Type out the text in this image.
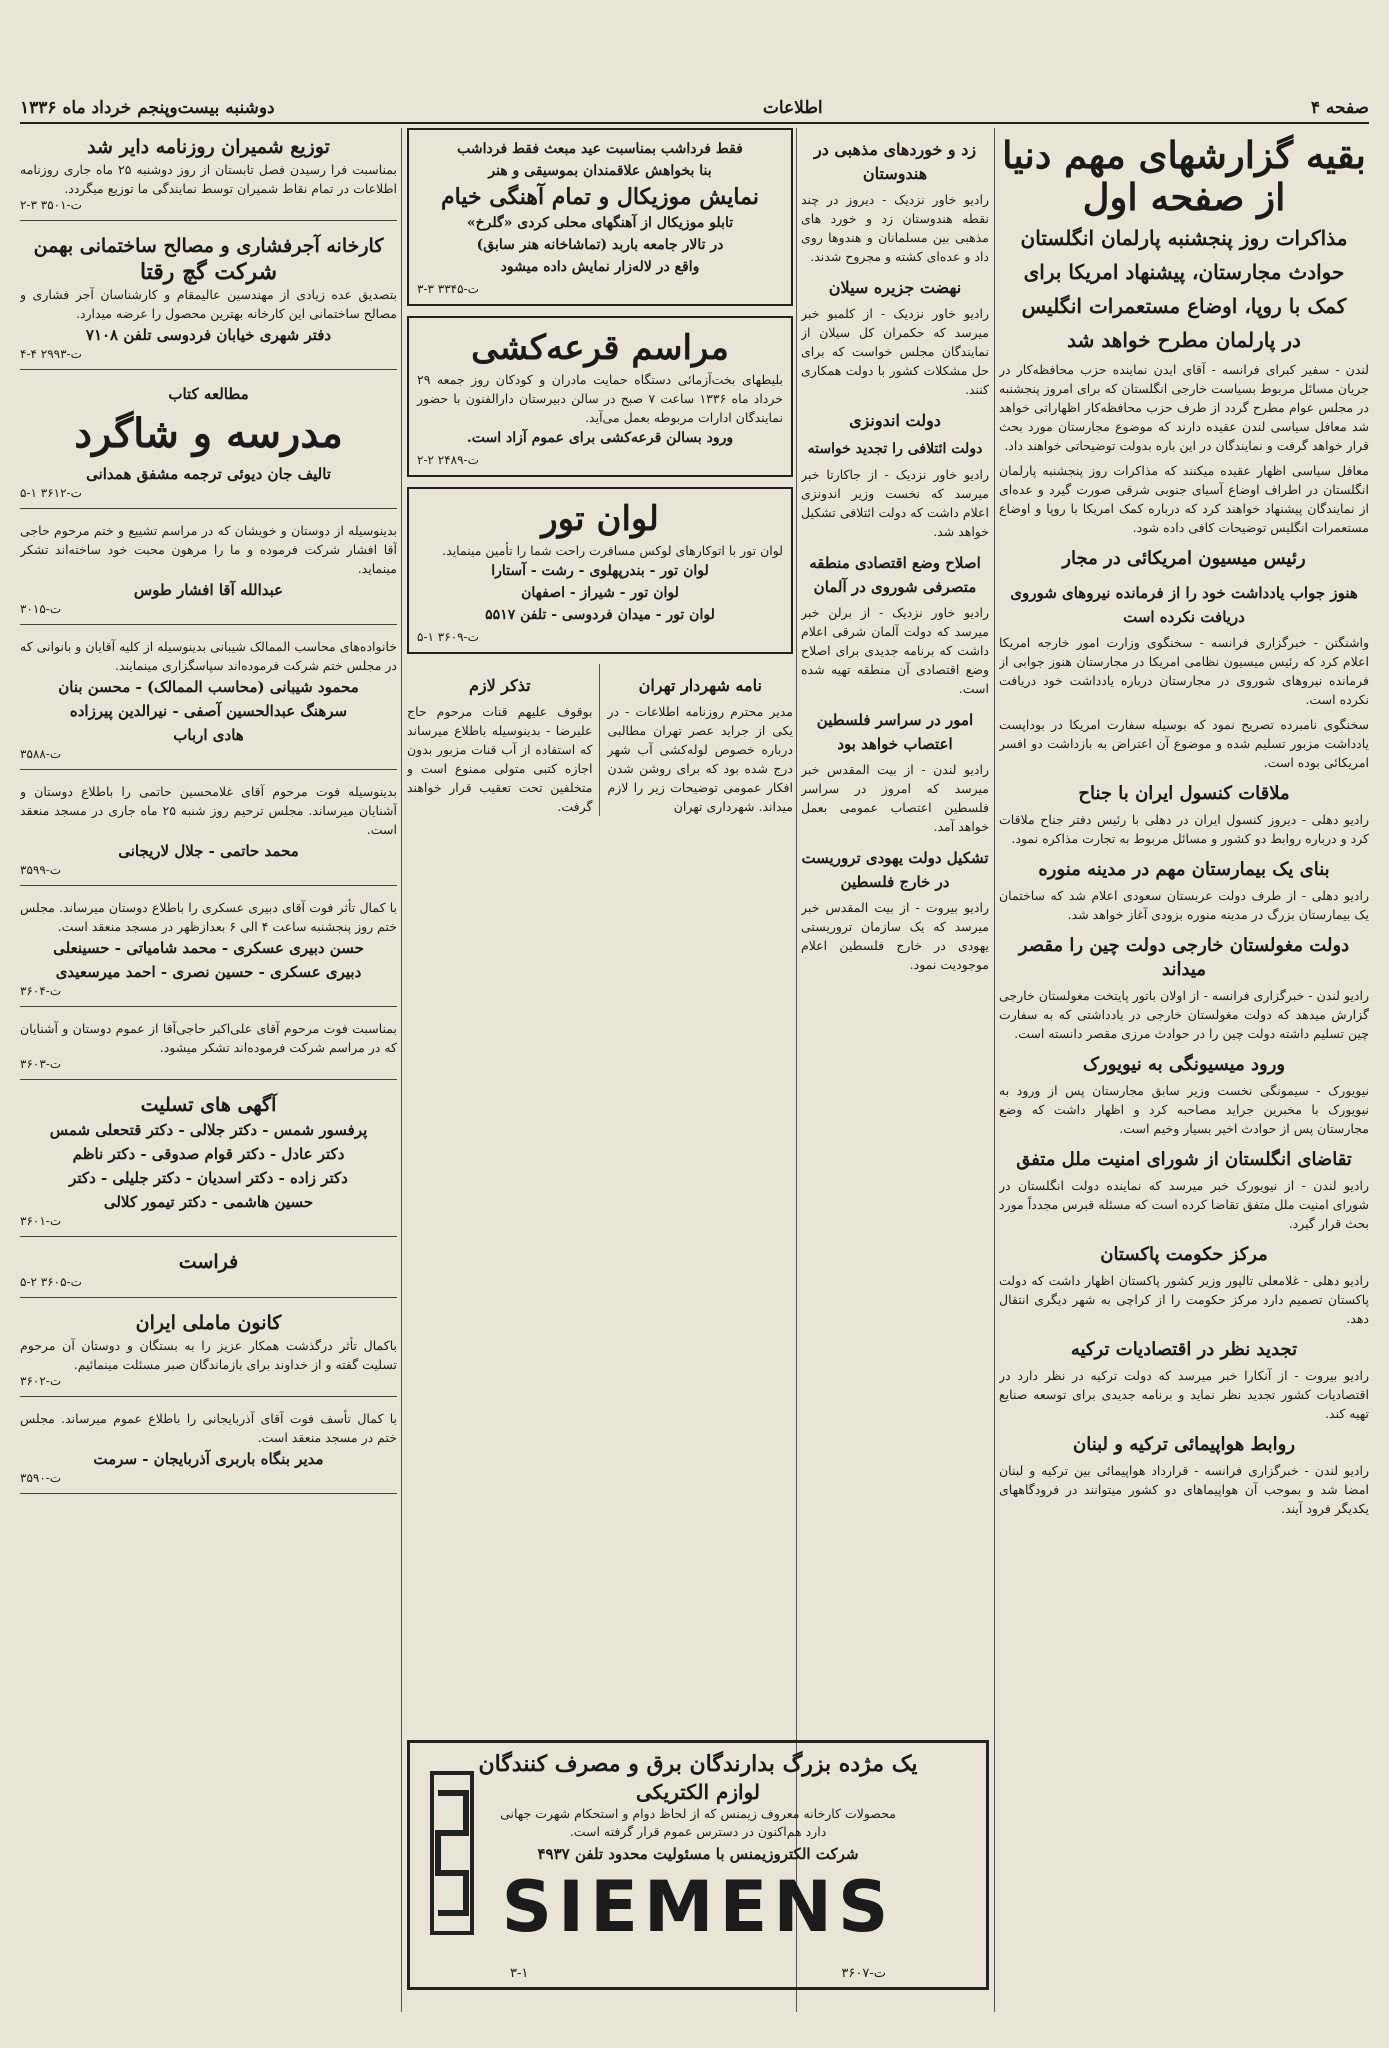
صفحه ۴
اطلاعات
دوشنبه بیست‌وپنجم خرداد ماه ۱۳۳۶
بقیه گزارشهای مهم دنیا از صفحه اول
مذاکرات روز پنجشنبه پارلمان انگلستان
حوادث مجارستان، پیشنهاد امریکا برای
کمک با روپا، اوضاع مستعمرات انگلیس
در پارلمان مطرح خواهد شد

لندن - سفیر کبرای فرانسه - آقای ایدن نماینده حزب محافظه‌کار در جریان مسائل مربوط بسیاست خارجی انگلستان که برای امروز پنجشنبه در مجلس عوام مطرح گردد از طرف حزب محافظه‌کار اظهاراتی خواهد شد معافل سیاسی لندن عقیده دارند که موضوع مجارستان مورد بحث قرار خواهد گرفت و نمایندگان در این باره بدولت توضیحاتی خواهند داد.

معافل سیاسی اظهار عقیده میکنند که مذاکرات روز پنجشنبه پارلمان انگلستان در اطراف اوضاع آسیای جنوبی شرقی صورت گیرد و عده‌ای از نمایندگان پیشنهاد خواهند کرد که درباره کمک امریکا با روپا و اوضاع مستعمرات انگلیس توضیحات کافی داده شود.

رئیس میسیون امریکائی در مجار
هنوز جواب یادداشت خود را از فرمانده نیروهای شوروی دریافت نکرده است

واشنگتن - خبرگزاری فرانسه - سخنگوی وزارت امور خارجه امریکا اعلام کرد که رئیس میسیون نظامی امریکا در مجارستان هنوز جوابی از فرمانده نیروهای شوروی در مجارستان درباره یادداشت خود دریافت نکرده است.

سخنگوی نامبرده تصریح نمود که بوسیله سفارت امریکا در بوداپست یادداشت مزبور تسلیم شده و موضوع آن اعتراض به بازداشت دو افسر امریکائی بوده است.

ملاقات کنسول ایران با جناح

رادیو دهلی - دیروز کنسول ایران در دهلی با رئیس دفتر جناح ملاقات کرد و درباره روابط دو کشور و مسائل مربوط به تجارت مذاکره نمود.

بنای یک بیمارستان مهم در مدینه منوره

رادیو دهلی - از طرف دولت عربستان سعودی اعلام شد که ساختمان یک بیمارستان بزرگ در مدینه منوره بزودی آغاز خواهد شد.

دولت مغولستان خارجی دولت چین را مقصر میداند

رادیو لندن - خبرگزاری فرانسه - از اولان باتور پایتخت مغولستان خارجی گزارش میدهد که دولت مغولستان خارجی در یادداشتی که به سفارت چین تسلیم داشته دولت چین را در حوادث مرزی مقصر دانسته است.

ورود میسیونگی به نیویورک

نیویورک - سیمونگی نخست وزیر سابق مجارستان پس از ورود به نیویورک با مخبرین جراید مصاحبه کرد و اظهار داشت که وضع مجارستان پس از حوادث اخیر بسیار وخیم است.

تقاضای انگلستان از شورای امنیت ملل متفق

رادیو لندن - از نیویورک خبر میرسد که نماینده دولت انگلستان در شورای امنیت ملل متفق تقاضا کرده است که مسئله قبرس مجدداً مورد بحث قرار گیرد.

مرکز حکومت پاکستان

رادیو دهلی - غلامعلی تالپور وزیر کشور پاکستان اظهار داشت که دولت پاکستان تصمیم دارد مرکز حکومت را از کراچی به شهر دیگری انتقال دهد.

تجدید نظر در اقتصادیات ترکیه

رادیو بیروت - از آنکارا خبر میرسد که دولت ترکیه در نظر دارد در اقتصادیات کشور تجدید نظر نماید و برنامه جدیدی برای توسعه صنایع تهیه کند.

روابط هواپیمائی ترکیه و لبنان

رادیو لندن - خبرگزاری فرانسه - قرارداد هواپیمائی بین ترکیه و لبنان امضا شد و بموجب آن هواپیماهای دو کشور میتوانند در فرودگاههای یکدیگر فرود آیند.

زد و خوردهای مذهبی در هندوستان

رادیو خاور نزدیک - دیروز در چند نقطه هندوستان زد و خورد های مذهبی بین مسلمانان و هندوها روی داد و عده‌ای کشته و مجروح شدند.

نهضت جزیره سیلان

رادیو خاور نزدیک - از کلمبو خبر میرسد که حکمران کل سیلان از نمایندگان مجلس خواست که برای حل مشکلات کشور با دولت همکاری کنند.

دولت اندونزی
دولت ائتلافی را تجدید خواسته

رادیو خاور نزدیک - از جاکارتا خبر میرسد که نخست وزیر اندونزی اعلام داشت که دولت ائتلافی تشکیل خواهد شد.

اصلاح وضع اقتصادی منطقه متصرفی شوروی در آلمان

رادیو خاور نزدیک - از برلن خبر میرسد که دولت آلمان شرقی اعلام داشت که برنامه جدیدی برای اصلاح وضع اقتصادی آن منطقه تهیه شده است.

امور در سراسر فلسطین اعتصاب خواهد بود

رادیو لندن - از بیت المقدس خبر میرسد که امروز در سراسر فلسطین اعتصاب عمومی بعمل خواهد آمد.

تشکیل دولت یهودی تروریست در خارج فلسطین

رادیو بیروت - از بیت المقدس خبر میرسد که یک سازمان تروریستی یهودی در خارج فلسطین اعلام موجودیت نمود.

فقط فرداشب بمناسبت عید مبعث فقط فرداشب
بنا بخواهش علاقمندان بموسیقی و هنر
نمایش موزیکال و تمام آهنگی خیام
تابلو موزیکال از آهنگهای محلی کردی «گلرخ»
در تالار جامعه باربد (تماشاخانه هنر سابق)
واقع در لاله‌زار نمایش داده میشود
۳-۳ ت-۳۳۴۵
مراسم قرعه‌کشی

بلیطهای بخت‌آزمائی دستگاه حمایت مادران و کودکان روز جمعه ۲۹ خرداد ماه ۱۳۳۶ ساعت ۷ صبح در سالن دبیرستان دارالفنون با حضور نمایندگان ادارات مربوطه بعمل می‌آید.

ورود بسالن قرعه‌کشی برای عموم آزاد است.
۲-۲ ت-۲۴۸۹
لوان تور

لوان تور با اتوکارهای لوکس مسافرت راحت شما را تأمین مینماید.

لوان تور - بندرپهلوی - رشت - آستارا
لوان تور - شیراز - اصفهان
لوان تور - میدان فردوسی - تلفن ۵۵۱۷
۵-۱ ت-۳۶۰۹
نامه شهردار تهران

مدیر محترم روزنامه اطلاعات - در یکی از جراید عصر تهران مطالبی درباره خصوص لوله‌کشی آب شهر درج شده بود که برای روشن شدن افکار عمومی توضیحات زیر را لازم میداند. شهرداری تهران

تذکر لازم

بوقوف علیهم قنات مرحوم حاج علیرضا - بدینوسیله باطلاع میرساند که استفاده از آب قنات مزبور بدون اجازه کتبی متولی ممنوع است و متخلفین تحت تعقیب قرار خواهند گرفت.

یک مژده بزرگ بدارندگان برق و مصرف کنندگان
لوازم الکتریکی
محصولات کارخانه معروف زیمنس که از لحاظ دوام و استحکام شهرت جهانی دارد هم‌اکنون در دسترس عموم قرار گرفته است.
شرکت الکتروزیمنس با مسئولیت محدود تلفن ۴۹۳۷
SIEMENS
۳-۱	ت-۳۶۰۷
توزیع شمیران روزنامه دایر شد
بمناسبت فرا رسیدن فصل تابستان از روز دوشنبه ۲۵ ماه جاری روزنامه اطلاعات در تمام نقاط شمیران توسط نمایندگی ما توزیع میگردد.
۲-۳ ت-۳۵۰۱
کارخانه آجرفشاری و مصالح ساختمانی بهمن
شرکت گچ رقتا
بتصدیق عده زیادی از مهندسین عالیمقام و کارشناسان آجر فشاری و مصالح ساختمانی این کارخانه بهترین محصول را عرضه میدارد.
دفتر شهری خیابان فردوسی تلفن ۷۱۰۸
۴-۴ ت-۲۹۹۳
مطالعه کتاب
مدرسه و شاگرد
تالیف جان دیوئی ترجمه مشفق همدانی
۵-۱ ت-۳۶۱۲
بدینوسیله از دوستان و خویشان که در مراسم تشییع و ختم مرحوم حاجی آقا افشار شرکت فرموده و ما را مرهون محبت خود ساخته‌اند تشکر مینماید.
عبدالله آقا افشار طوس
ت-۳۰۱۵
خانواده‌های محاسب الممالک شیبانی بدینوسیله از کلیه آقایان و بانوانی که در مجلس ختم شرکت فرموده‌اند سپاسگزاری مینمایند.
محمود شیبانی (محاسب الممالک) - محسن بنان
سرهنگ عبدالحسین آصفی - نیرالدین پیرزاده
هادی ارباب
ت-۳۵۸۸
بدینوسیله فوت مرحوم آقای غلامحسین حاتمی را باطلاع دوستان و آشنایان میرساند. مجلس ترحیم روز شنبه ۲۵ ماه جاری در مسجد منعقد است.
محمد حاتمی - جلال لاریجانی
ت-۳۵۹۹
با کمال تأثر فوت آقای دبیری عسکری را باطلاع دوستان میرساند. مجلس ختم روز پنجشنبه ساعت ۴ الی ۶ بعدازظهر در مسجد منعقد است.
حسن دبیری عسکری - محمد شامیاتی - حسینعلی
دبیری عسکری - حسین نصری - احمد میرسعیدی
ت-۳۶۰۴
بمناسبت فوت مرحوم آقای علی‌اکبر حاجی‌آقا از عموم دوستان و آشنایان که در مراسم شرکت فرموده‌اند تشکر میشود.
ت-۳۶۰۳
آگهی های تسلیت
پرفسور شمس - دکتر جلالی - دکتر قتحعلی شمس
دکتر عادل - دکتر قوام صدوقی - دکتر ناظم
دکتر زاده - دکتر اسدیان - دکتر جلیلی - دکتر
حسین هاشمی - دکتر تیمور کلالی
ت-۳۶۰۱
فراست
۵-۲ ت-۳۶۰۵
کانون ماملی ایران
باکمال تأثر درگذشت همکار عزیز را به بستگان و دوستان آن مرحوم تسلیت گفته و از خداوند برای بازماندگان صبر مسئلت مینمائیم.
ت-۳۶۰۲
با کمال تأسف فوت آقای آذربایجانی را باطلاع عموم میرساند. مجلس ختم در مسجد منعقد است.
مدیر بنگاه باربری آذربایجان - سرمت
ت-۳۵۹۰
